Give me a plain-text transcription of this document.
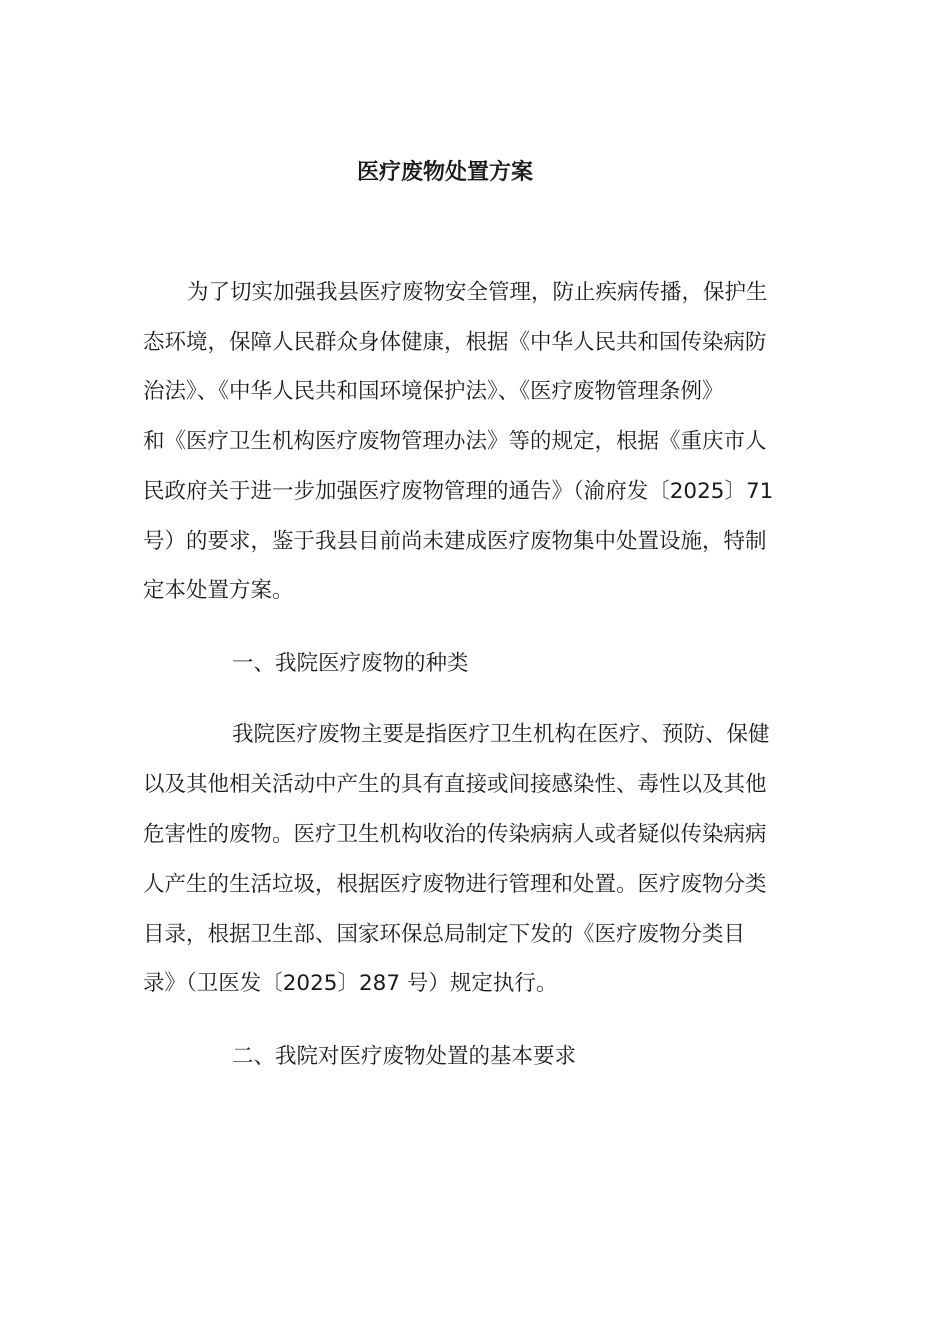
医疗废物处置方案

为了切实加强我县医疗废物安全管理，防止疾病传播，保护生

态环境，保障人民群众身体健康，根据《中华人民共和国传染病防

治法》、《中华人民共和国环境保护法》、《医疗废物管理条例》

和《医疗卫生机构医疗废物管理办法》等的规定，根据《重庆市人

民政府关于进一步加强医疗废物管理的通告》（渝府发〔2025〕71

号）的要求，鉴于我县目前尚未建成医疗废物集中处置设施，特制

定本处置方案。

一、我院医疗废物的种类

我院医疗废物主要是指医疗卫生机构在医疗、预防、保健

以及其他相关活动中产生的具有直接或间接感染性、毒性以及其他

危害性的废物。医疗卫生机构收治的传染病病人或者疑似传染病病

人产生的生活垃圾，根据医疗废物进行管理和处置。医疗废物分类

目录，根据卫生部、国家环保总局制定下发的《医疗废物分类目

录》（卫医发〔2025〕287 号）规定执行。

二、我院对医疗废物处置的基本要求
